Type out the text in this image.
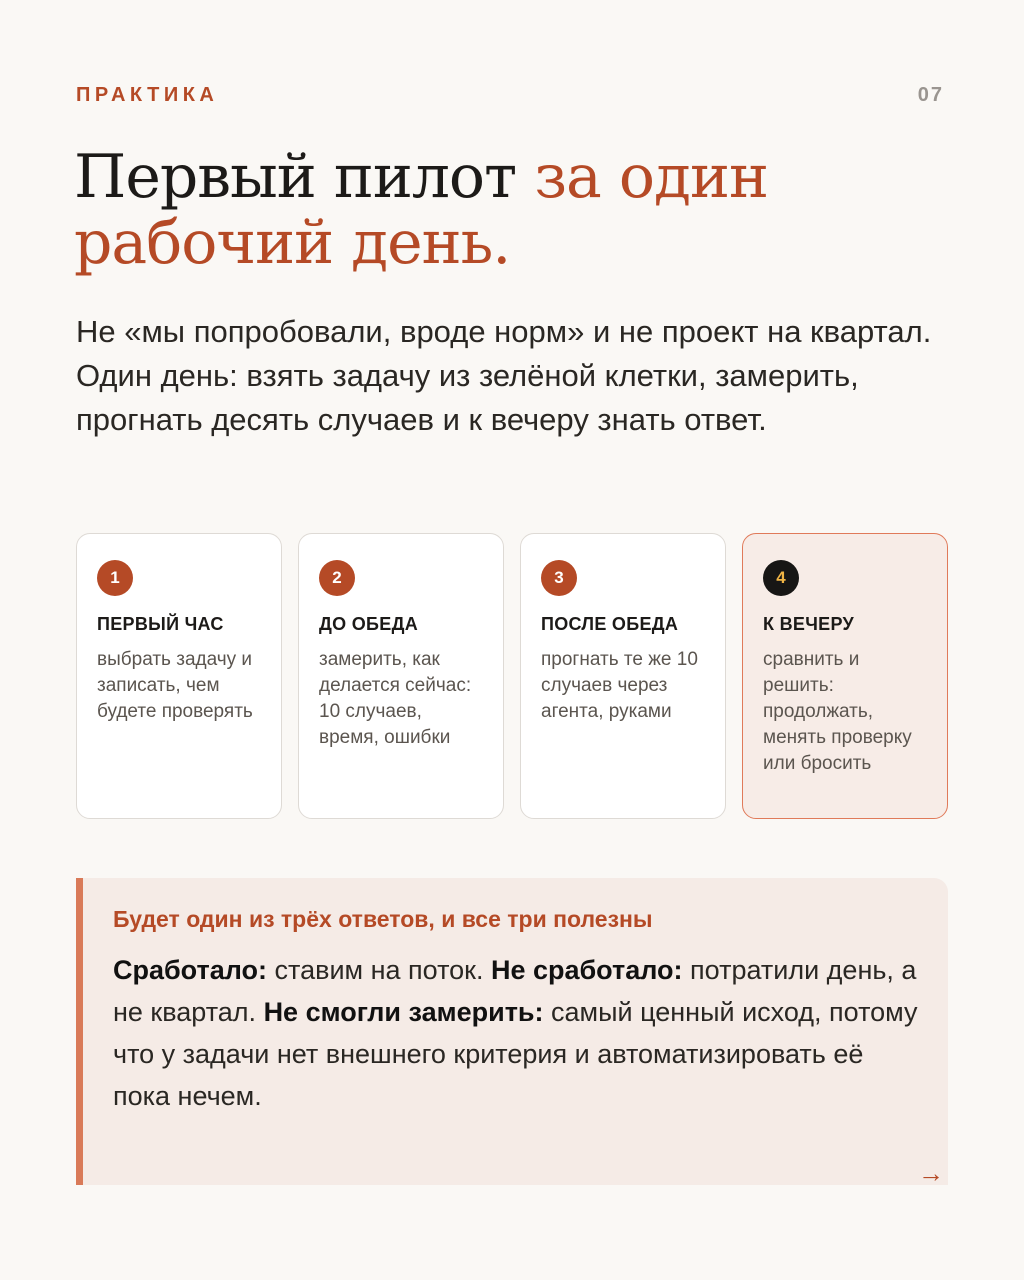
ПРАКТИКА	07
Первый пилот за один рабочий день.

Не «мы попробовали, вроде норм» и не проект на квартал. Один день: взять задачу из зелёной клетки, замерить, прогнать десять случаев и к вечеру знать ответ.

1
ПЕРВЫЙ ЧАС
выбрать задачу и записать, чем будете проверять
2
ДО ОБЕДА
замерить, как делается сейчас: 10 случаев, время, ошибки
3
ПОСЛЕ ОБЕДА
прогнать те же 10 случаев через агента, руками
4
К ВЕЧЕРУ
сравнить и решить: продолжать, менять проверку или бросить
Будет один из трёх ответов, и все три полезны
Сработало: ставим на поток. Не сработало: потратили день, а не квартал. Не смогли замерить: самый ценный исход, потому что у задачи нет внешнего критерия и автоматизировать её пока нечем.
→
